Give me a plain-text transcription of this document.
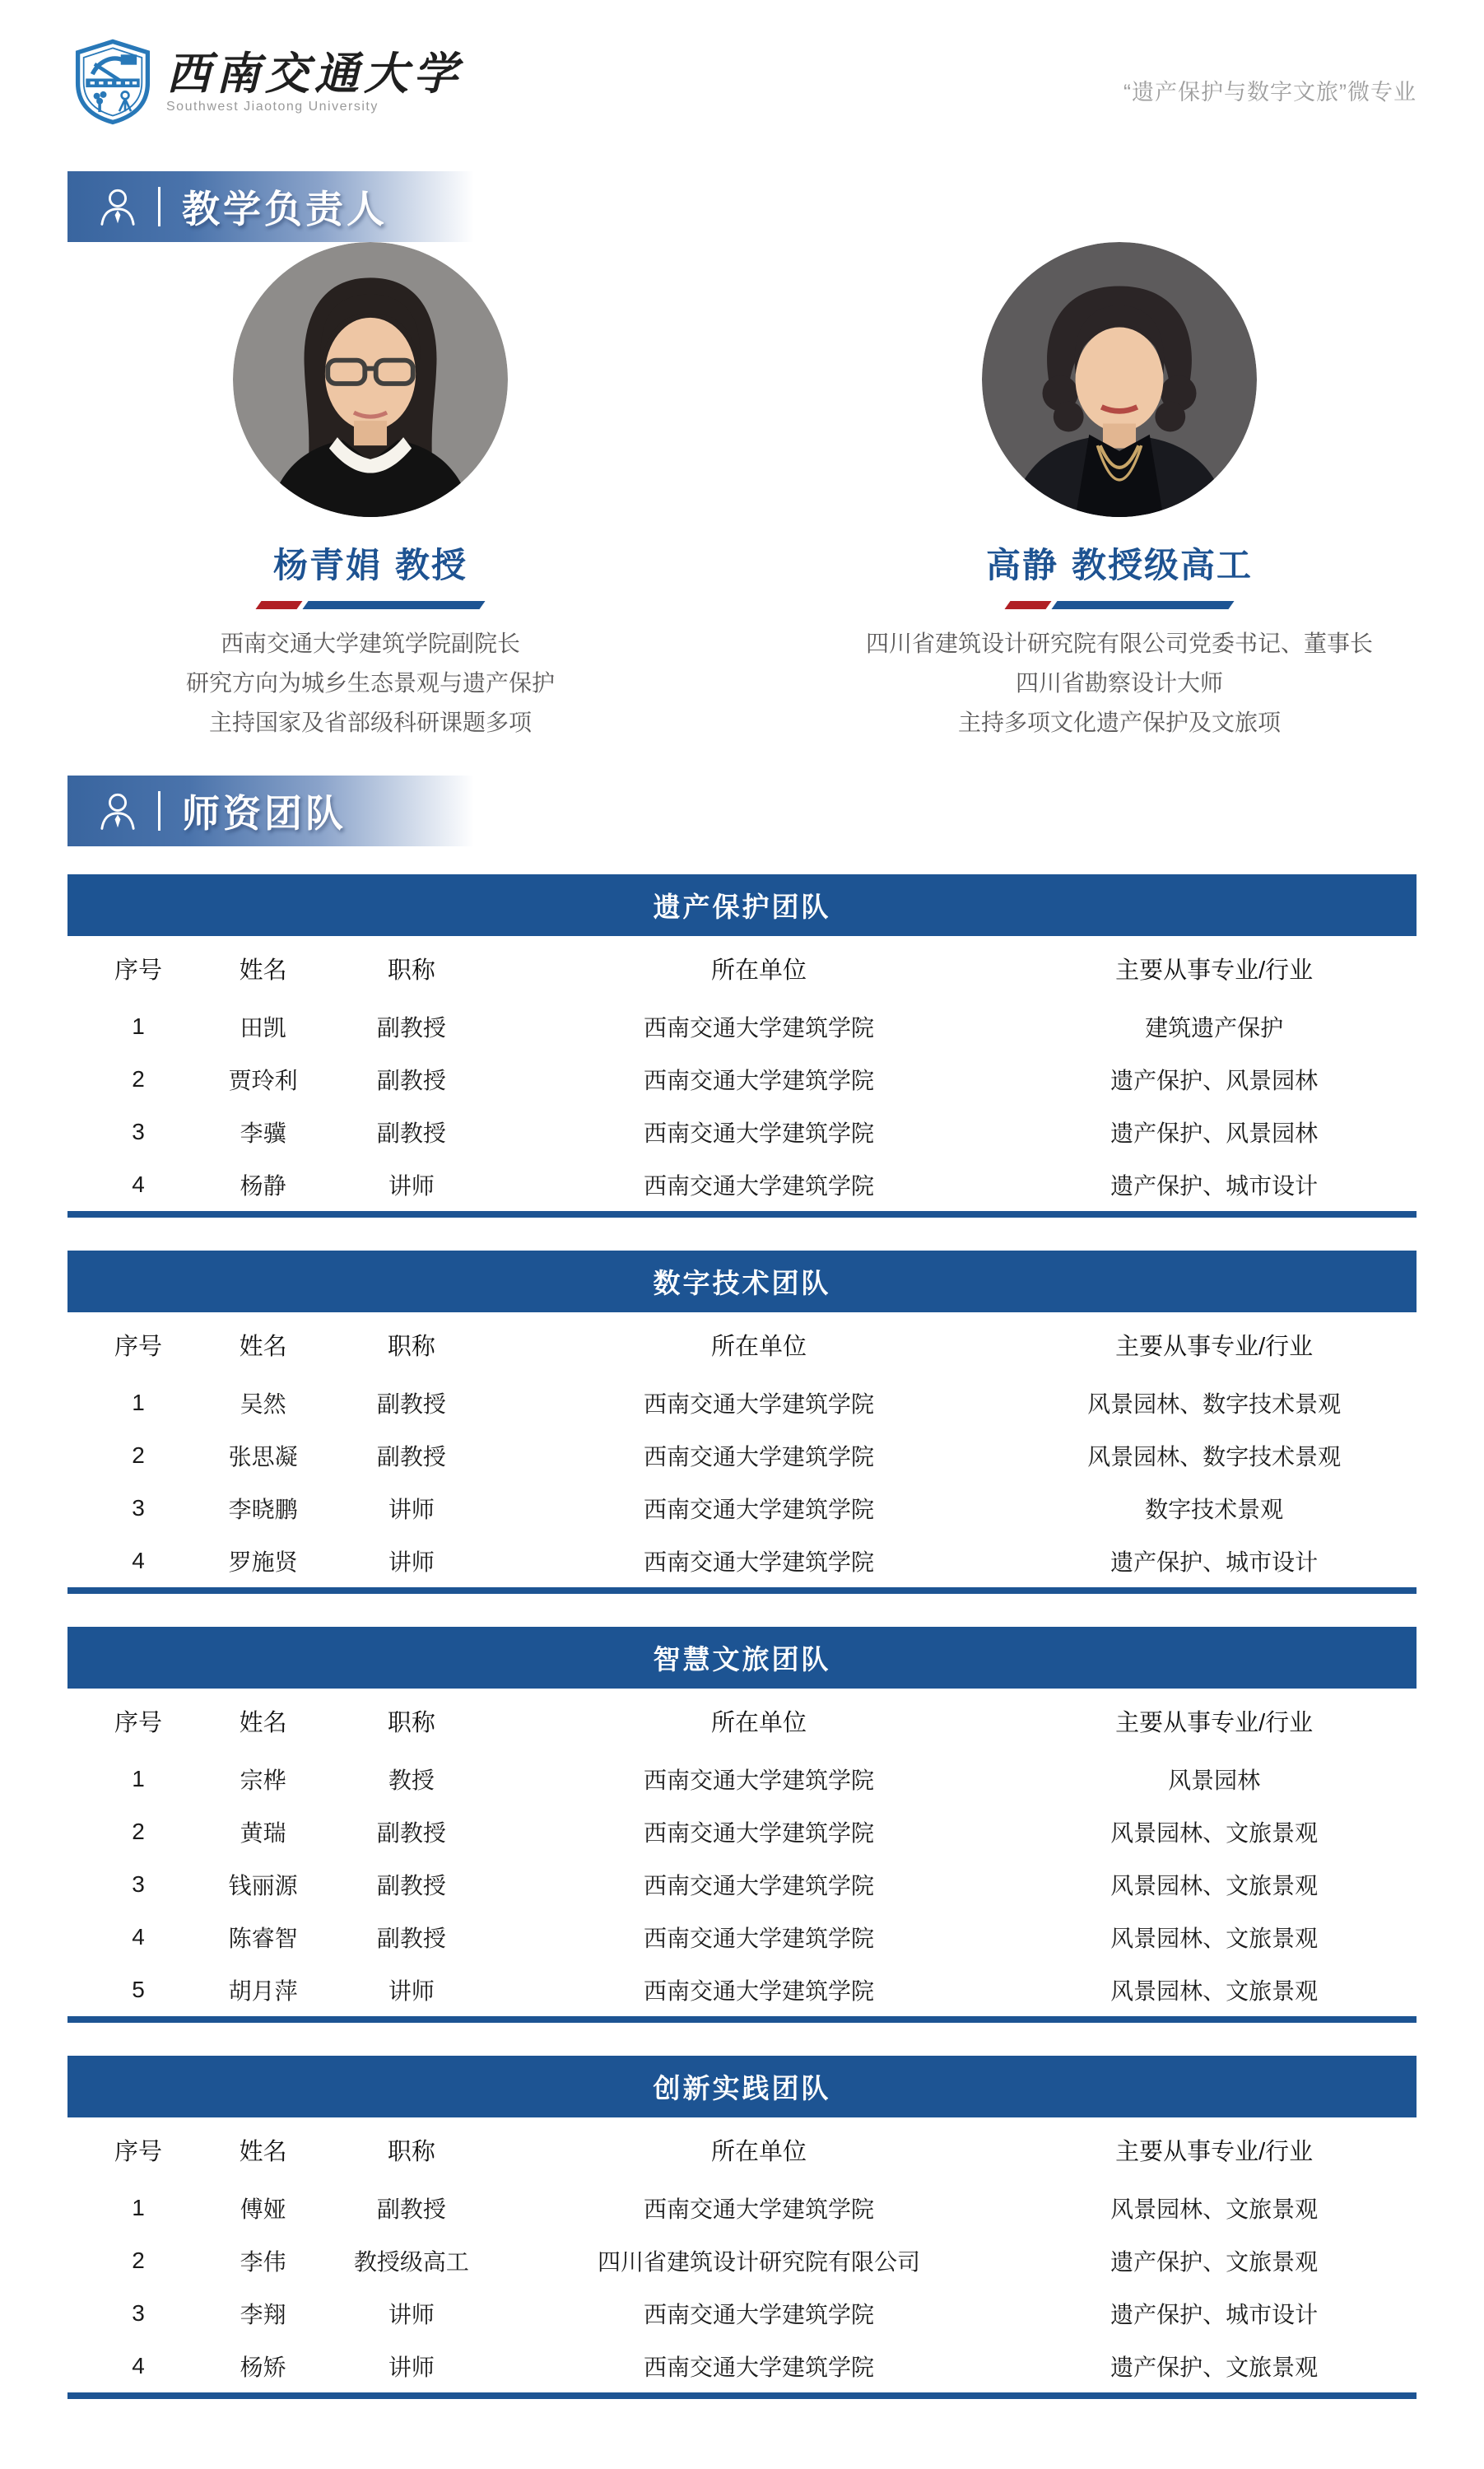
西南交通大学
Southwest Jiaotong University
“遗产保护与数字文旅”微专业
教学负责人
杨青娟 教授
西南交通大学建筑学院副院长
研究方向为城乡生态景观与遗产保护
主持国家及省部级科研课题多项
高静 教授级高工
四川省建筑设计研究院有限公司党委书记、董事长
四川省勘察设计大师
主持多项文化遗产保护及文旅项
师资团队
遗产保护团队
序号	姓名	职称	所在单位	主要从事专业/行业
1	田凯	副教授	西南交通大学建筑学院	建筑遗产保护
2	贾玲利	副教授	西南交通大学建筑学院	遗产保护、风景园林
3	李骥	副教授	西南交通大学建筑学院	遗产保护、风景园林
4	杨静	讲师	西南交通大学建筑学院	遗产保护、城市设计
数字技术团队
序号	姓名	职称	所在单位	主要从事专业/行业
1	吴然	副教授	西南交通大学建筑学院	风景园林、数字技术景观
2	张思凝	副教授	西南交通大学建筑学院	风景园林、数字技术景观
3	李晓鹏	讲师	西南交通大学建筑学院	数字技术景观
4	罗施贤	讲师	西南交通大学建筑学院	遗产保护、城市设计
智慧文旅团队
序号	姓名	职称	所在单位	主要从事专业/行业
1	宗桦	教授	西南交通大学建筑学院	风景园林
2	黄瑞	副教授	西南交通大学建筑学院	风景园林、文旅景观
3	钱丽源	副教授	西南交通大学建筑学院	风景园林、文旅景观
4	陈睿智	副教授	西南交通大学建筑学院	风景园林、文旅景观
5	胡月萍	讲师	西南交通大学建筑学院	风景园林、文旅景观
创新实践团队
序号	姓名	职称	所在单位	主要从事专业/行业
1	傅娅	副教授	西南交通大学建筑学院	风景园林、文旅景观
2	李伟	教授级高工	四川省建筑设计研究院有限公司	遗产保护、文旅景观
3	李翔	讲师	西南交通大学建筑学院	遗产保护、城市设计
4	杨矫	讲师	西南交通大学建筑学院	遗产保护、文旅景观
